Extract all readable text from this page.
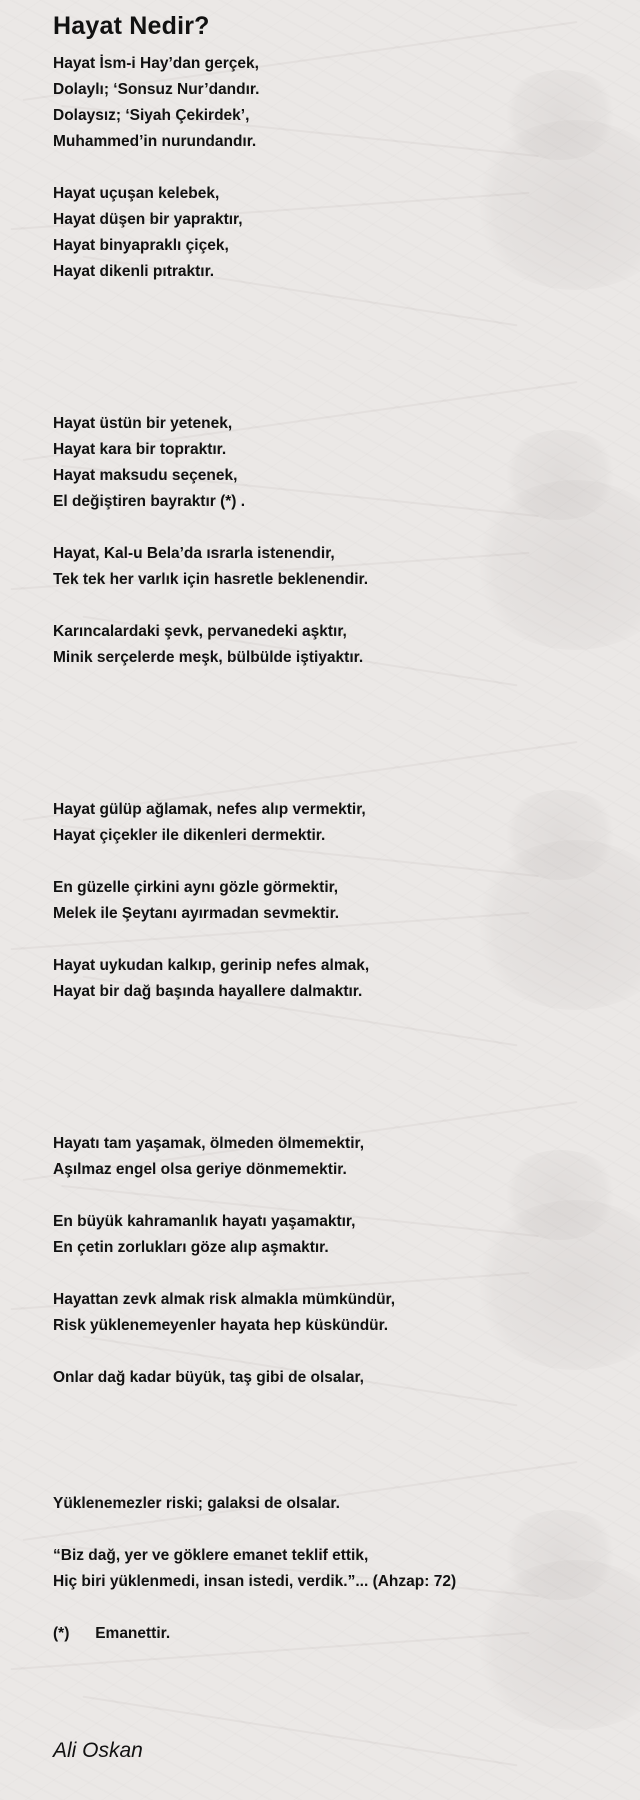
Hayat Nedir?
Hayat İsm-i Hay’dan gerçek,
Dolaylı; ‘Sonsuz Nur’dandır.
Dolaysız; ‘Siyah Çekirdek’,
Muhammed’in nurundandır.
Hayat uçuşan kelebek,
Hayat düşen bir yapraktır,
Hayat binyapraklı çiçek,
Hayat dikenli pıtraktır.
Hayat üstün bir yetenek,
Hayat kara bir topraktır.
Hayat maksudu seçenek,
El değiştiren bayraktır (*) .
Hayat, Kal-u Bela’da ısrarla istenendir,
Tek tek her varlık için hasretle beklenendir.
Karıncalardaki şevk, pervanedeki aşktır,
Minik serçelerde meşk, bülbülde iştiyaktır.
Hayat gülüp ağlamak, nefes alıp vermektir,
Hayat çiçekler ile dikenleri dermektir.
En güzelle çirkini aynı gözle görmektir,
Melek ile Şeytanı ayırmadan sevmektir.
Hayat uykudan kalkıp, gerinip nefes almak,
Hayat bir dağ başında hayallere dalmaktır.
Hayatı tam yaşamak, ölmeden ölmemektir,
Aşılmaz engel olsa geriye dönmemektir.
En büyük kahramanlık hayatı yaşamaktır,
En çetin zorlukları göze alıp aşmaktır.
Hayattan zevk almak risk almakla mümkündür,
Risk yüklenemeyenler hayata hep küskündür.
Onlar dağ kadar büyük, taş gibi de olsalar,
Yüklenemezler riski; galaksi de olsalar.
“Biz dağ, yer ve göklere emanet teklif ettik,
Hiç biri yüklenmedi, insan istedi, verdik.”... (Ahzap: 72)
(*)      Emanettir.
Ali Oskan
